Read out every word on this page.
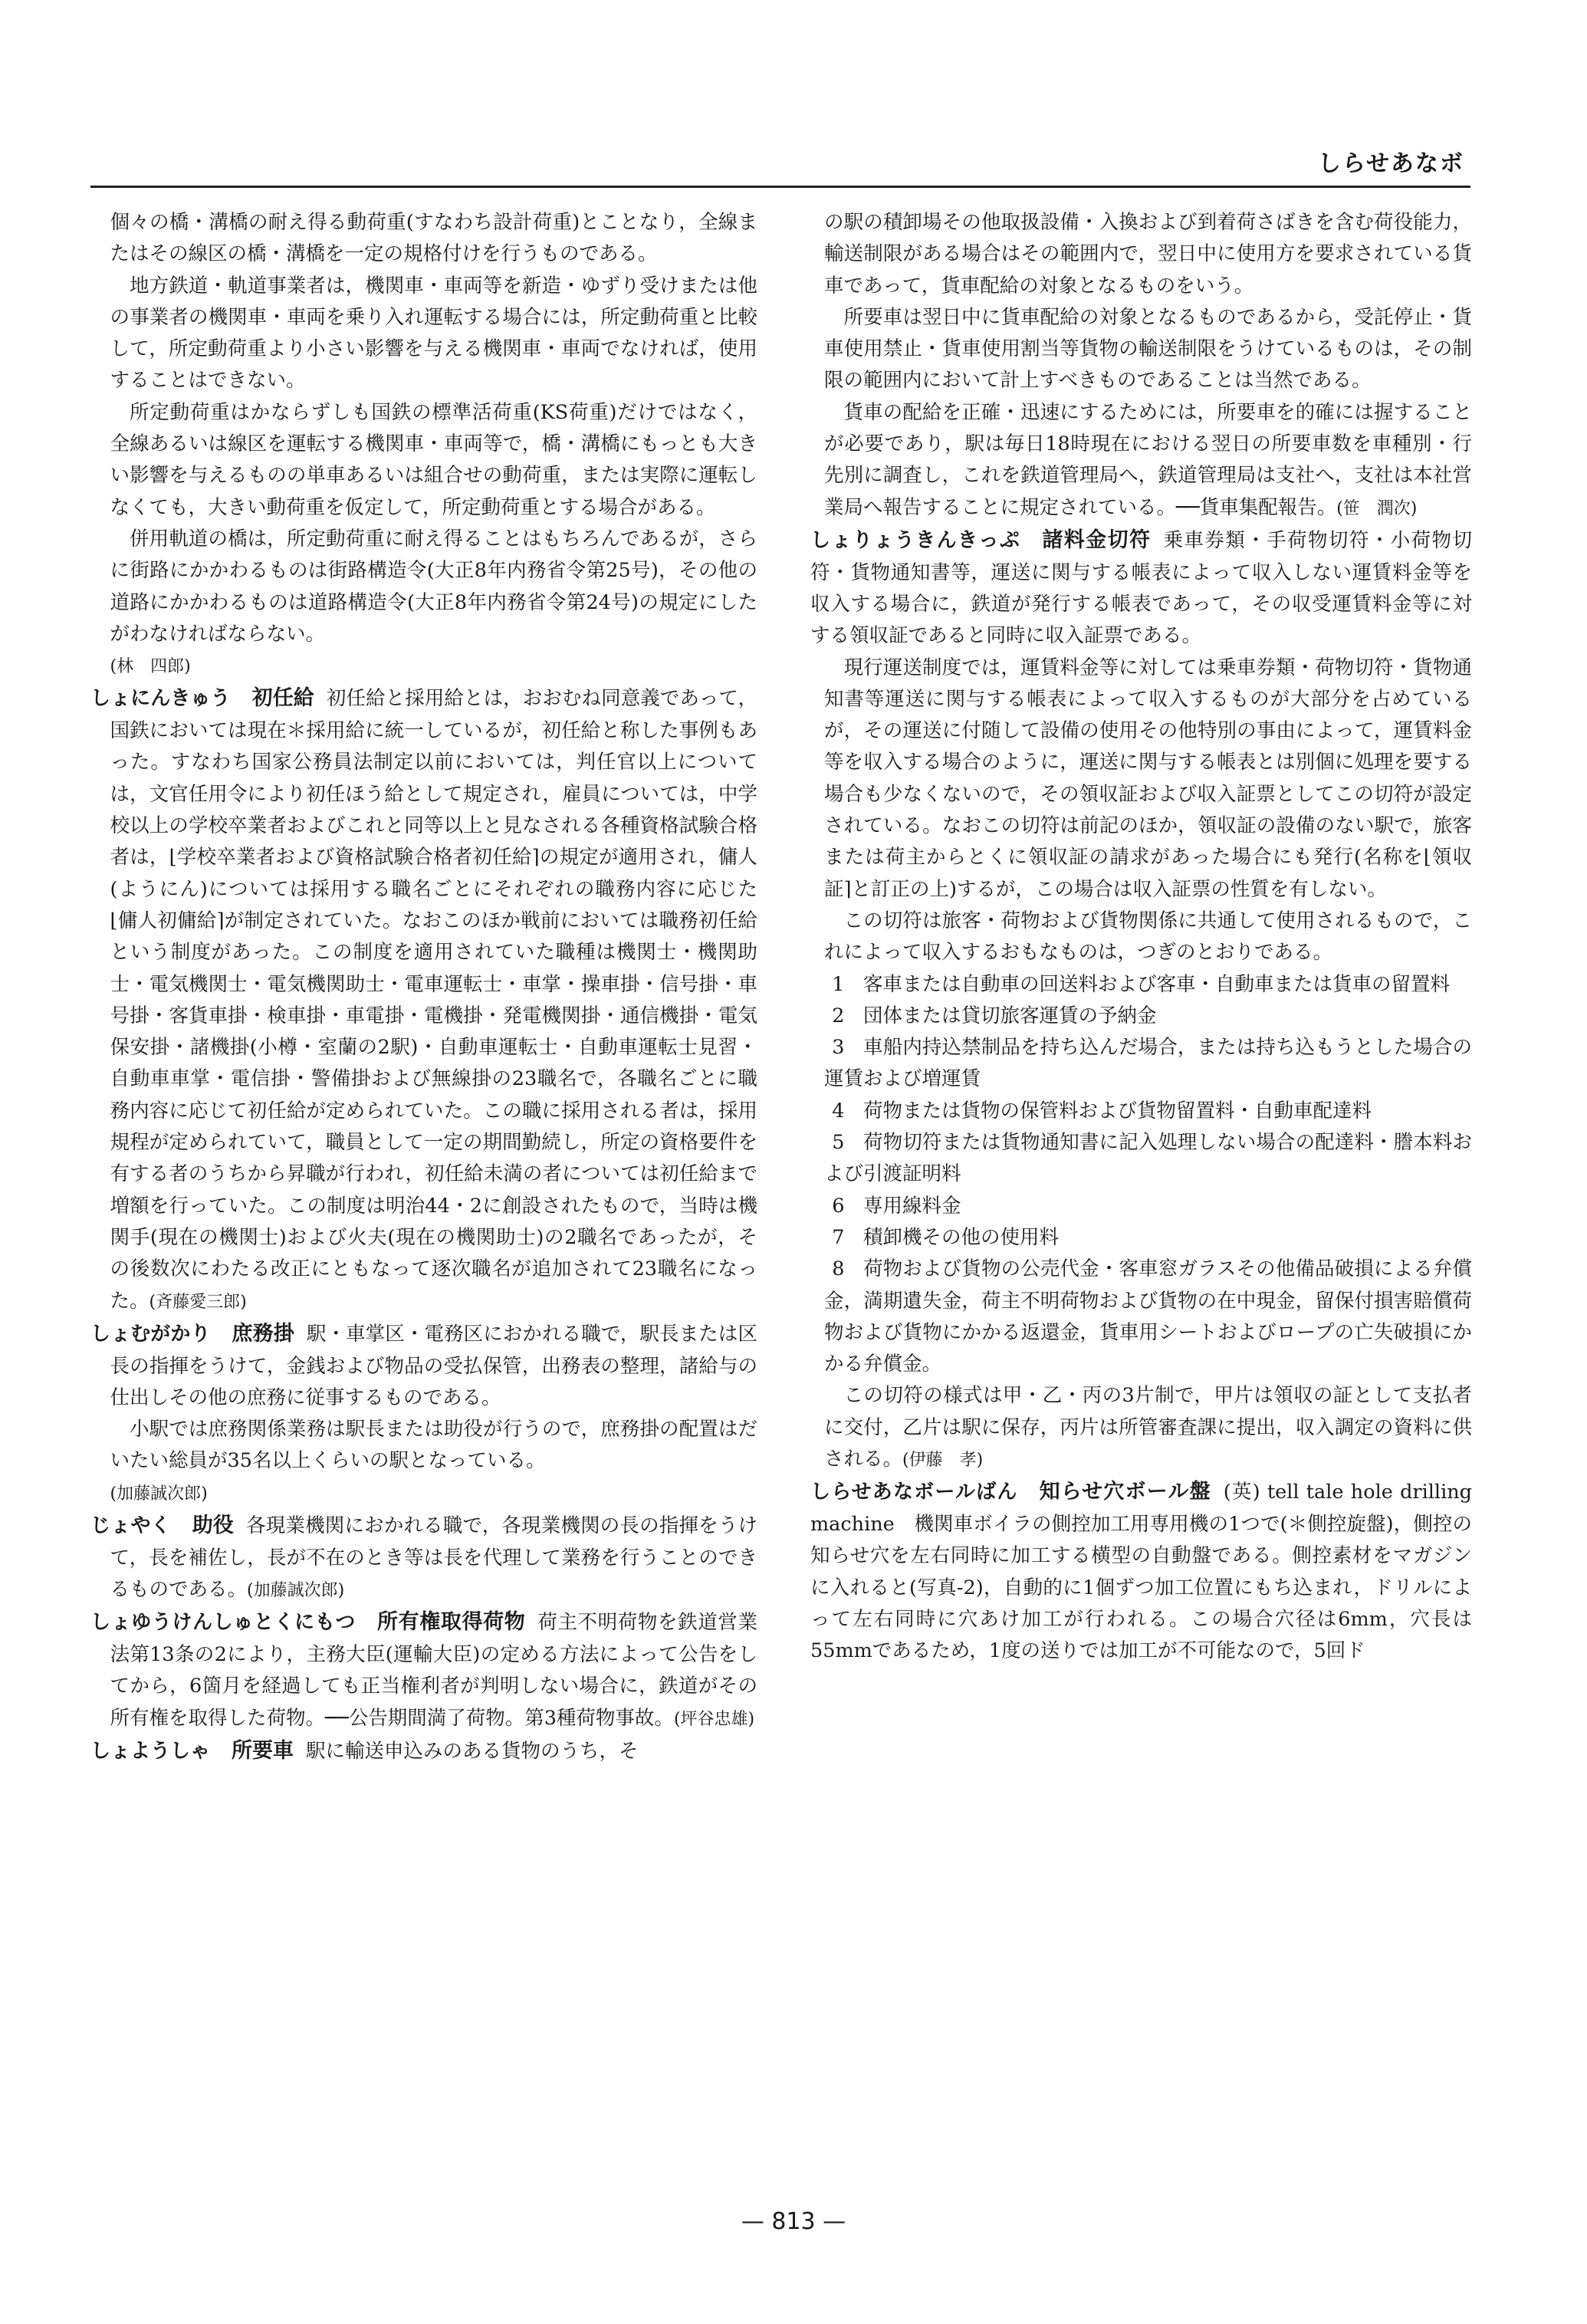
しらせあなボ

個々の橋・溝橋の耐え得る動荷重(すなわち設計荷重)とことなり，全線またはその線区の橋・溝橋を一定の規格付けを行うものである。

地方鉄道・軌道事業者は，機関車・車両等を新造・ゆずり受けまたは他の事業者の機関車・車両を乗り入れ運転する場合には，所定動荷重と比較して，所定動荷重より小さい影響を与える機関車・車両でなければ，使用することはできない。

所定動荷重はかならずしも国鉄の標準活荷重(KS荷重)だけではなく，全線あるいは線区を運転する機関車・車両等で，橋・溝橋にもっとも大きい影響を与えるものの単車あるいは組合せの動荷重，または実際に運転しなくても，大きい動荷重を仮定して，所定動荷重とする場合がある。

併用軌道の橋は，所定動荷重に耐え得ることはもちろんであるが，さらに街路にかかわるものは街路構造令(大正8年内務省令第25号)，その他の道路にかかわるものは道路構造令(大正8年内務省令第24号)の規定にしたがわなければならない。
(林　四郎)

しょにんきゅう 初任給 初任給と採用給とは，おおむね同意義であって，国鉄においては現在＊採用給に統一しているが，初任給と称した事例もあった。すなわち国家公務員法制定以前においては，判任官以上については，文官任用令により初任ほう給として規定され，雇員については，中学校以上の学校卒業者およびこれと同等以上と見なされる各種資格試験合格者は，⌊学校卒業者および資格試験合格者初任給⌉の規定が適用され，傭人(ようにん)については採用する職名ごとにそれぞれの職務内容に応じた⌊傭人初傭給⌉が制定されていた。なおこのほか戦前においては職務初任給という制度があった。この制度を適用されていた職種は機関士・機関助士・電気機関士・電気機関助士・電車運転士・車掌・操車掛・信号掛・車号掛・客貨車掛・検車掛・車電掛・電機掛・発電機関掛・通信機掛・電気保安掛・諸機掛(小樽・室蘭の2駅)・自動車運転士・自動車運転士見習・自動車車掌・電信掛・警備掛および無線掛の23職名で，各職名ごとに職務内容に応じて初任給が定められていた。この職に採用される者は，採用規程が定められていて，職員として一定の期間勤続し，所定の資格要件を有する者のうちから昇職が行われ，初任給未満の者については初任給まで増額を行っていた。この制度は明治44・2に創設されたもので，当時は機関手(現在の機関士)および火夫(現在の機関助士)の2職名であったが，その後数次にわたる改正にともなって逐次職名が追加されて23職名になった。(斉藤愛三郎)

しょむがかり 庶務掛 駅・車掌区・電務区におかれる職で，駅長または区長の指揮をうけて，金銭および物品の受払保管，出務表の整理，諸給与の仕出しその他の庶務に従事するものである。

小駅では庶務関係業務は駅長または助役が行うので，庶務掛の配置はだいたい総員が35名以上くらいの駅となっている。
(加藤誠次郎)

じょやく 助役 各現業機関におかれる職で，各現業機関の長の指揮をうけて，長を補佐し，長が不在のとき等は長を代理して業務を行うことのできるものである。(加藤誠次郎)

しょゆうけんしゅとくにもつ 所有権取得荷物 荷主不明荷物を鉄道営業法第13条の2により，主務大臣(運輸大臣)の定める方法によって公告をしてから，6箇月を経過しても正当権利者が判明しない場合に，鉄道がその所有権を取得した荷物。──公告期間満了荷物。第3種荷物事故。(坪谷忠雄)

しょようしゃ 所要車 駅に輸送申込みのある貨物のうち，そ

の駅の積卸場その他取扱設備・入換および到着荷さばきを含む荷役能力，輸送制限がある場合はその範囲内で，翌日中に使用方を要求されている貨車であって，貨車配給の対象となるものをいう。

所要車は翌日中に貨車配給の対象となるものであるから，受託停止・貨車使用禁止・貨車使用割当等貨物の輸送制限をうけているものは，その制限の範囲内において計上すべきものであることは当然である。

貨車の配給を正確・迅速にするためには，所要車を的確には握することが必要であり，駅は毎日18時現在における翌日の所要車数を車種別・行先別に調査し，これを鉄道管理局へ，鉄道管理局は支社へ，支社は本社営業局へ報告することに規定されている。──貨車集配報告。(笹　潤次)

しょりょうきんきっぷ 諸料金切符 乗車券類・手荷物切符・小荷物切符・貨物通知書等，運送に関与する帳表によって収入しない運賃料金等を収入する場合に，鉄道が発行する帳表であって，その収受運賃料金等に対する領収証であると同時に収入証票である。

現行運送制度では，運賃料金等に対しては乗車券類・荷物切符・貨物通知書等運送に関与する帳表によって収入するものが大部分を占めているが，その運送に付随して設備の使用その他特別の事由によって，運賃料金等を収入する場合のように，運送に関与する帳表とは別個に処理を要する場合も少なくないので，その領収証および収入証票としてこの切符が設定されている。なおこの切符は前記のほか，領収証の設備のない駅で，旅客または荷主からとくに領収証の請求があった場合にも発行(名称を⌊領収証⌉と訂正の上)するが，この場合は収入証票の性質を有しない。

この切符は旅客・荷物および貨物関係に共通して使用されるもので，これによって収入するおもなものは，つぎのとおりである。

1 客車または自動車の回送料および客車・自動車または貨車の留置料

2 団体または貸切旅客運賃の予納金

3 車船内持込禁制品を持ち込んだ場合，または持ち込もうとした場合の運賃および増運賃

4 荷物または貨物の保管料および貨物留置料・自動車配達料

5 荷物切符または貨物通知書に記入処理しない場合の配達料・謄本料および引渡証明料

6 専用線料金

7 積卸機その他の使用料

8 荷物および貨物の公売代金・客車窓ガラスその他備品破損による弁償金，満期遺失金，荷主不明荷物および貨物の在中現金，留保付損害賠償荷物および貨物にかかる返還金，貨車用シートおよびロープの亡失破損にかかる弁償金。

この切符の様式は甲・乙・丙の3片制で，甲片は領収の証として支払者に交付，乙片は駅に保存，丙片は所管審査課に提出，収入調定の資料に供される。(伊藤　孝)

しらせあなボールばん 知らせ穴ボール盤 (英) tell tale hole drilling machine　機関車ボイラの側控加工用専用機の1つで(＊側控旋盤)，側控の知らせ穴を左右同時に加工する横型の自動盤である。側控素材をマガジンに入れると(写真-2)，自動的に1個ずつ加工位置にもち込まれ，ドリルによって左右同時に穴あけ加工が行われる。この場合穴径は6mm，穴長は55mmであるため，1度の送りでは加工が不可能なので，5回ド

— 813 —
